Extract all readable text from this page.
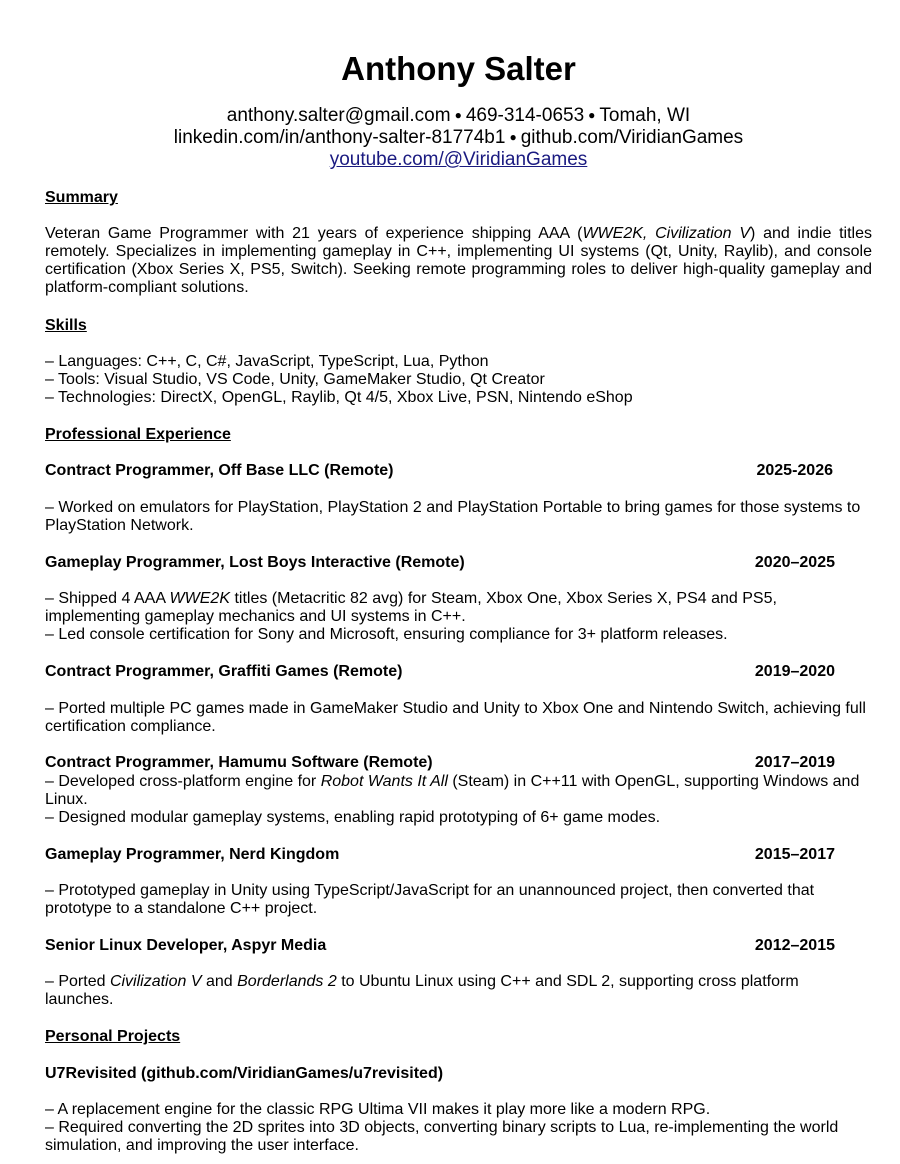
Anthony Salter
anthony.salter@gmail.com ● 469-314-0653 ● Tomah, WI
linkedin.com/in/anthony-salter-81774b1 ● github.com/ViridianGames
youtube.com/@ViridianGames
Summary
Veteran Game Programmer with 21 years of experience shipping AAA (WWE2K, Civilization V) and indie titles remotely. Specializes in implementing gameplay in C++, implementing UI systems (Qt, Unity, Raylib), and console certification (Xbox Series X, PS5, Switch). Seeking remote programming roles to deliver high-quality gameplay and platform-compliant solutions.
Skills
– Languages: C++, C, C#, JavaScript, TypeScript, Lua, Python
– Tools: Visual Studio, VS Code, Unity, GameMaker Studio, Qt Creator
– Technologies: DirectX, OpenGL, Raylib, Qt 4/5, Xbox Live, PSN, Nintendo eShop
Professional Experience
Contract Programmer, Off Base LLC (Remote)	2025-2026
– Worked on emulators for PlayStation, PlayStation 2 and PlayStation Portable to bring games for those systems to PlayStation Network.
Gameplay Programmer, Lost Boys Interactive (Remote)	2020–2025
– Shipped 4 AAA WWE2K titles (Metacritic 82 avg) for Steam, Xbox One, Xbox Series X, PS4 and PS5, implementing gameplay mechanics and UI systems in C++.
– Led console certification for Sony and Microsoft, ensuring compliance for 3+ platform releases.
Contract Programmer, Graffiti Games (Remote)	2019–2020
– Ported multiple PC games made in GameMaker Studio and Unity to Xbox One and Nintendo Switch, achieving full certification compliance.
Contract Programmer, Hamumu Software (Remote)	2017–2019
– Developed cross-platform engine for Robot Wants It All (Steam) in C++11 with OpenGL, supporting Windows and Linux.
– Designed modular gameplay systems, enabling rapid prototyping of 6+ game modes.
Gameplay Programmer, Nerd Kingdom	2015–2017
– Prototyped gameplay in Unity using TypeScript/JavaScript for an unannounced project, then converted that prototype to a standalone C++ project.
Senior Linux Developer, Aspyr Media	2012–2015
– Ported Civilization V and Borderlands 2 to Ubuntu Linux using C++ and SDL 2, supporting cross platform launches.
Personal Projects
U7Revisited (github.com/ViridianGames/u7revisited)
– A replacement engine for the classic RPG Ultima VII makes it play more like a modern RPG.
– Required converting the 2D sprites into 3D objects, converting binary scripts to Lua, re-implementing the world simulation, and improving the user interface.
